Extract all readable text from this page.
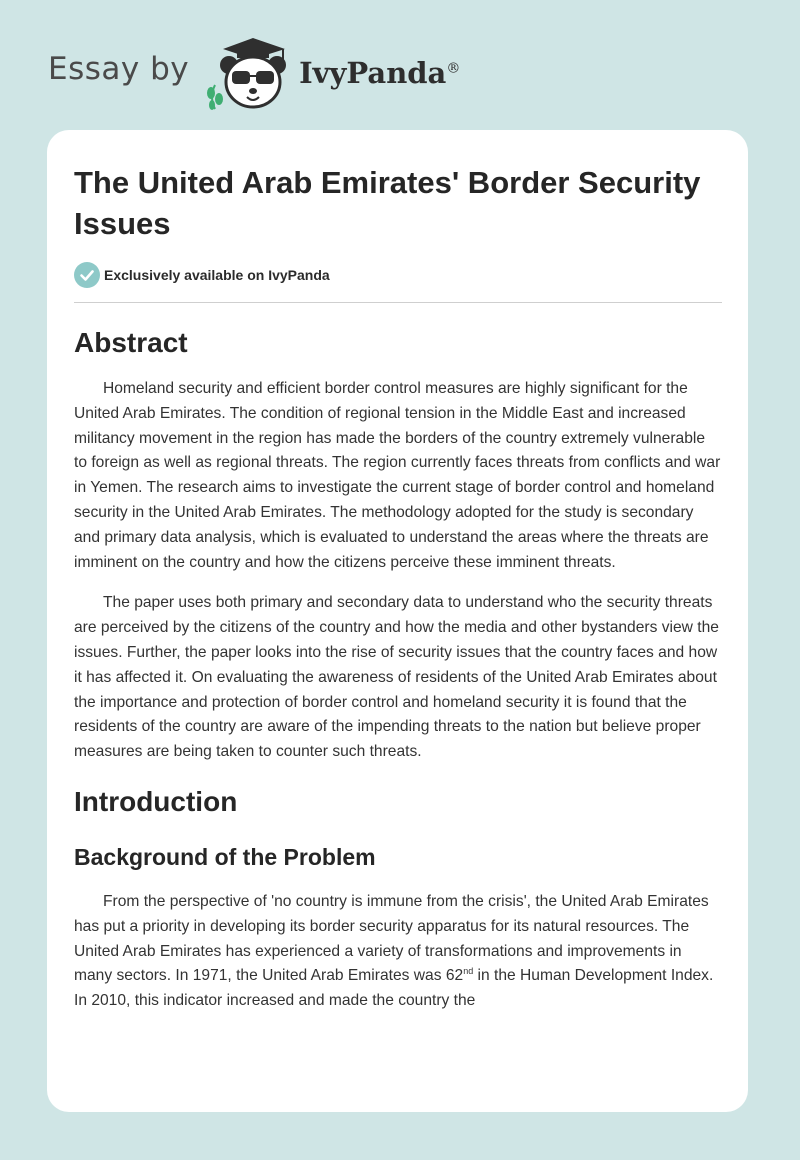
Essay by	IvyPanda®
The United Arab Emirates' Border Security Issues
Exclusively available on IvyPanda
Abstract

Homeland security and efficient border control measures are highly significant for the United Arab Emirates. The condition of regional tension in the Middle East and increased militancy movement in the region has made the borders of the country extremely vulnerable to foreign as well as regional threats. The region currently faces threats from conflicts and war in Yemen. The research aims to investigate the current stage of border control and homeland security in the United Arab Emirates. The methodology adopted for the study is secondary and primary data analysis, which is evaluated to understand the areas where the threats are imminent on the country and how the citizens perceive these imminent threats.

The paper uses both primary and secondary data to understand who the security threats are perceived by the citizens of the country and how the media and other bystanders view the issues. Further, the paper looks into the rise of security issues that the country faces and how it has affected it. On evaluating the awareness of residents of the United Arab Emirates about the importance and protection of border control and homeland security it is found that the residents of the country are aware of the impending threats to the nation but believe proper measures are being taken to counter such threats.

Introduction
Background of the Problem

From the perspective of 'no country is immune from the crisis', the United Arab Emirates has put a priority in developing its border security apparatus for its natural resources. The United Arab Emirates has experienced a variety of transformations and improvements in many sectors. In 1971, the United Arab Emirates was 62nd in the Human Development Index. In 2010, this indicator increased and made the country the
